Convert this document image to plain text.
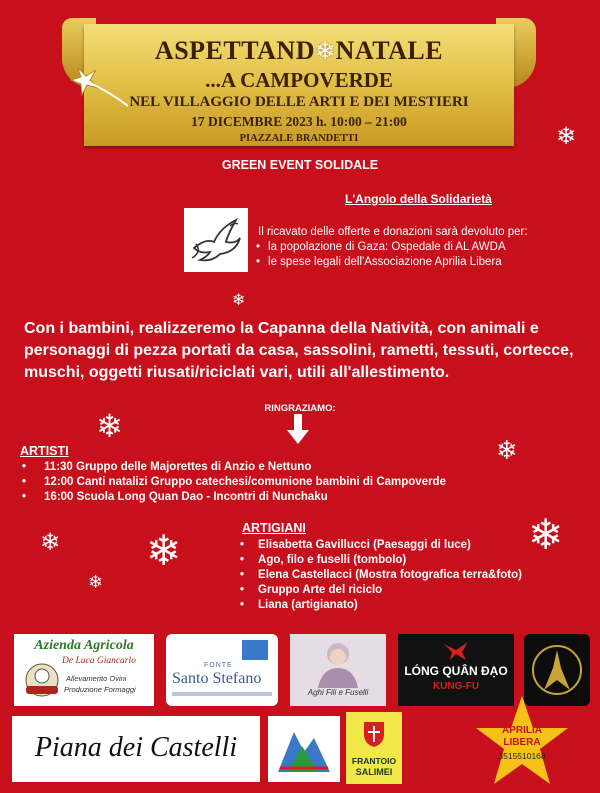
ASPETTAND❄NATALE
...A CAMPOVERDE
NEL VILLAGGIO DELLE ARTI E DEI MESTIERI
17 DICEMBRE 2023 h. 10:00 – 21:00
PIAZZALE BRANDETTI	❄
❄
❄
❄
❄ ❄
❄
❄
GREEN EVENT SOLIDALE
L'Angolo della Solidarietà
Il ricavato delle offerte e donazioni sarà devoluto per:
• la popolazione di Gaza: Ospedale di AL AWDA
• le spese legali dell'Associazione Aprilia Libera
Con i bambini, realizzeremo la Capanna della Natività, con animali e personaggi di pezza portati da casa, sassolini, rametti, tessuti, cortecce, muschi, oggetti riusati/riciclati vari, utili all'allestimento.
RINGRAZIAMO:
ARTISTI
• 11:30 Gruppo delle Majorettes di Anzio e Nettuno
• 12:00 Canti natalizi Gruppo catechesi/comunione bambini di Campoverde
• 16:00 Scuola Long Quan Dao - Incontri di Nunchaku
ARTIGIANI
• Elisabetta Gavillucci (Paesaggi di luce)
• Ago, filo e fuselli (tombolo)
• Elena Castellacci (Mostra fotografica terra&foto)
• Gruppo Arte del riciclo
• Liana (artigianato)
Azienda Agricola
De Luca Giancarlo
Allevamento Ovini
Produzione Formaggi
FONTE
Santo Stefano
Aghi Fili e Fuselli
LÓNG QUÂN ĐẠO
KUNG-FU
Piana dei Castelli	FRANTOIO
SALIMEI
APRILIA
LIBERA
3515510168
